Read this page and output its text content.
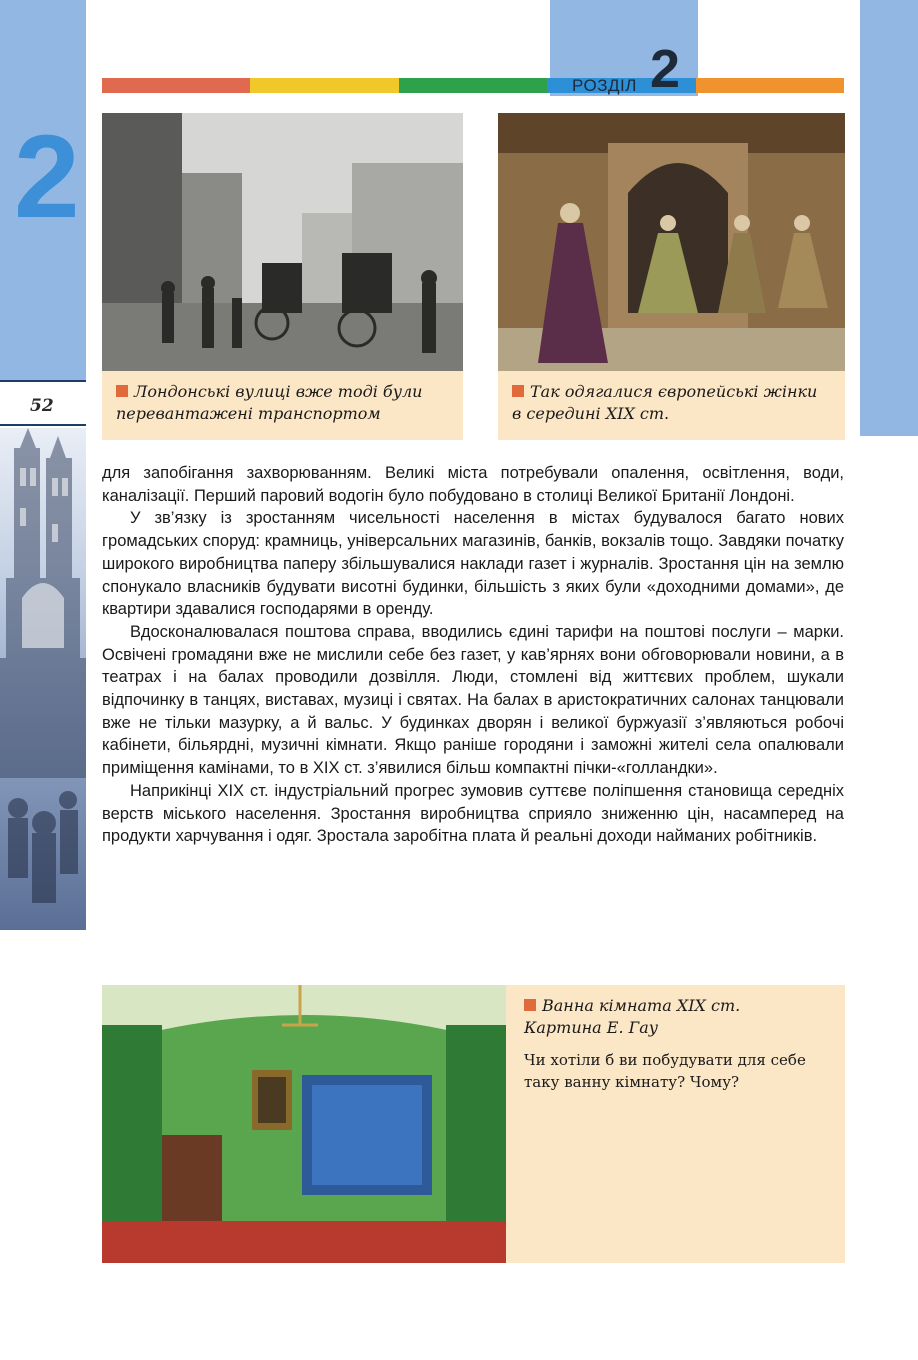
2
52
РОЗДІЛ 2
Лондонські вулиці вже тоді були перевантажені транспортом
Так одягалися європейські жінки в середині XIX ст.

для запобігання захворюванням. Великі міста потребували опалення, освітлення, води, каналізації. Перший паровий водогін було побудовано в столиці Великої Британії Лондоні.

У зв’язку із зростанням чисельності населення в містах будувалося багато нових громадських споруд: крамниць, універсальних магазинів, банків, вокзалів тощо. Завдяки початку широкого виробництва паперу збільшувалися наклади газет і журналів. Зростання цін на землю спонукало власників будувати висотні будинки, більшість з яких були «доходними домами», де квартири здавалися господарями в оренду.

Вдосконалювалася поштова справа, вводились єдині тарифи на поштові послуги – марки. Освічені громадяни вже не мислили себе без газет, у кав’ярнях вони обговорювали новини, а в театрах і на балах проводили дозвілля. Люди, стомлені від життєвих проблем, шукали відпочинку в танцях, виставах, музиці і святах. На балах в аристократичних салонах танцювали вже не тільки мазурку, а й вальс. У будинках дворян і великої буржуазії з’являються робочі кабінети, більярдні, музичні кімнати. Якщо раніше городяни і заможні жителі села опалювали приміщення камінами, то в XIX ст. з’явилися більш компактні пічки-«голландки».

Наприкінці XIX ст. індустріальний прогрес зумовив суттєве поліпшення становища середніх верств міського населення. Зростання виробництва сприяло зниженню цін, насамперед на продукти харчування і одяг. Зростала заробітна плата й реальні доходи найманих робітників.

Ванна кімната XIX ст.
Картина Е. Гау
Чи хотіли б ви побудувати для себе таку ванну кімнату? Чому?
